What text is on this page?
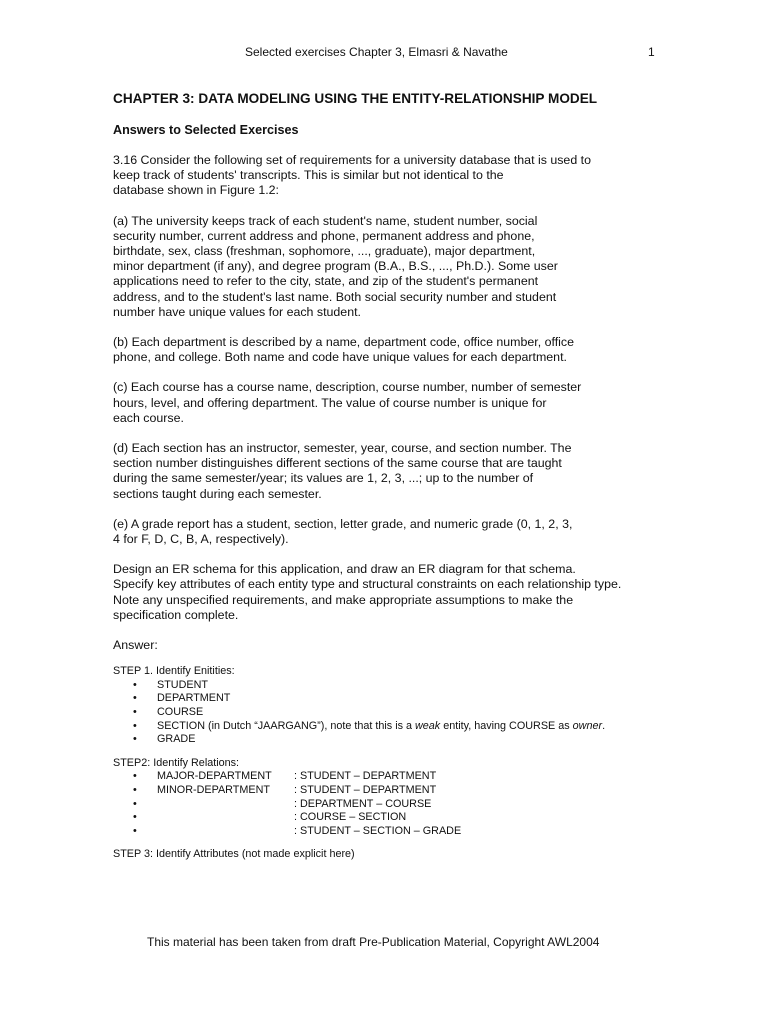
Selected exercises Chapter 3, Elmasri & Navathe	1
CHAPTER 3: DATA MODELING USING THE ENTITY-RELATIONSHIP MODEL
Answers to Selected Exercises

3.16 Consider the following set of requirements for a university database that is used to
keep track of students' transcripts. This is similar but not identical to the
database shown in Figure 1.2:

(a) The university keeps track of each student's name, student number, social
security number, current address and phone, permanent address and phone,
birthdate, sex, class (freshman, sophomore, ..., graduate), major department,
minor department (if any), and degree program (B.A., B.S., ..., Ph.D.). Some user
applications need to refer to the city, state, and zip of the student's permanent
address, and to the student's last name. Both social security number and student
number have unique values for each student.

(b) Each department is described by a name, department code, office number, office
phone, and college. Both name and code have unique values for each department.

(c) Each course has a course name, description, course number, number of semester
hours, level, and offering department. The value of course number is unique for
each course.

(d) Each section has an instructor, semester, year, course, and section number. The
section number distinguishes different sections of the same course that are taught
during the same semester/year; its values are 1, 2, 3, ...; up to the number of
sections taught during each semester.

(e) A grade report has a student, section, letter grade, and numeric grade (0, 1, 2, 3,
4 for F, D, C, B, A, respectively).

Design an ER schema for this application, and draw an ER diagram for that schema.
Specify key attributes of each entity type and structural constraints on each relationship type.
Note any unspecified requirements, and make appropriate assumptions to make the
specification complete.

Answer:

STEP 1. Identify Enitities:
• STUDENT
• DEPARTMENT
• COURSE
• SECTION (in Dutch “JAARGANG”), note that this is a weak entity, having COURSE as owner.
• GRADE
STEP2: Identify Relations:
• MAJOR-DEPARTMENT : STUDENT – DEPARTMENT
• MINOR-DEPARTMENT : STUDENT – DEPARTMENT
•	: DEPARTMENT – COURSE
•	: COURSE – SECTION
•	: STUDENT – SECTION – GRADE
STEP 3: Identify Attributes (not made explicit here)
This material has been taken from draft Pre-Publication Material, Copyright AWL2004
